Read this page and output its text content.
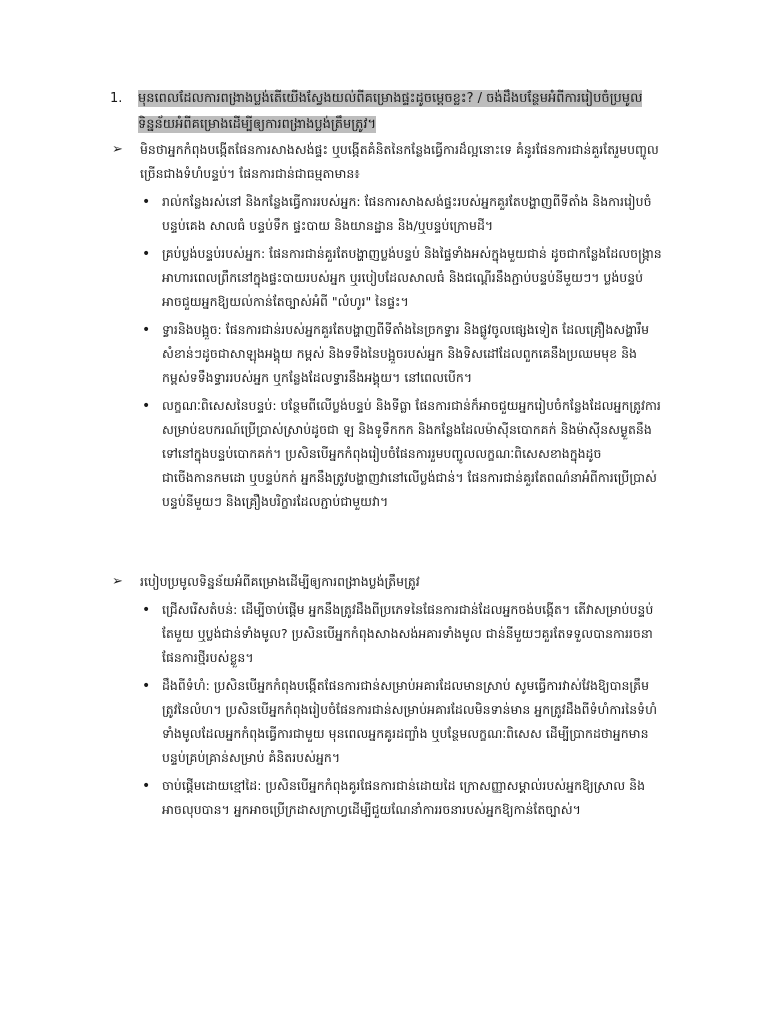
1.	មុនពេលដែលការពង្រាងប្លង់តើយើងស្វែងយល់ពីគម្រោងផ្ទះដូចម្ដេចខ្លះ? / ចង់ដឹងបន្ថែមអំពីការរៀបចំប្រមូលទិន្នន័យអំពីគម្រោងដើម្បីឲ្យការពង្រាងប្លង់ត្រឹមត្រូវ។
➢	មិនថាអ្នកកំពុងបង្កើតផែនការសាងសង់ផ្ទះ ឬបង្កើតគំនិតនៃកន្លែងធ្វើការដ៏ល្អនោះទេ គំនូរផែនការជាន់គួរតែរួមបញ្ចូលច្រើនជាងទំហំបន្ទប់។ ផែនការជាន់ជាធម្មតាមាន៖
• រាល់កន្លែងរស់នៅ និងកន្លែងធ្វើការរបស់អ្នក: ផែនការសាងសង់ផ្ទះរបស់អ្នកគួរតែបង្ហាញពីទីតាំង និងការរៀបចំបន្ទប់គេង សាលធំ បន្ទប់ទឹក ផ្ទះបាយ និងយានដ្ឋាន និង/ឬបន្ទប់ក្រោមដី។
• គ្រប់ប្លង់បន្ទប់របស់អ្នក: ផែនការជាន់គួរតែបង្ហាញប្លង់បន្ទប់ និងផ្ទៃទាំងអស់ក្នុងមួយជាន់ ដូចជាកន្លែងដែលចង្ក្រានអាហារពេលព្រឹកនៅក្នុងផ្ទះបាយរបស់អ្នក ឬរបៀបដែលសាលធំ និងជណ្ដើរនឹងភ្ជាប់បន្ទប់នីមួយៗ។ ប្លង់បន្ទប់អាចជួយអ្នកឱ្យយល់កាន់តែច្បាស់អំពី "លំហូរ" នៃផ្ទះ។
• ទ្វារនិងបង្អួច: ផែនការជាន់របស់អ្នកគួរតែបង្ហាញពីទីតាំងនៃច្រកទ្វារ និងផ្លូវចូលផ្សេងទៀត ដែលគ្រឿងសង្ហារឹមសំខាន់ៗដូចជាសាឡុងអង្គុយ កម្ពស់ និងទទឹងនៃបង្អួចរបស់អ្នក និងទិសដៅដែលពួកគេនឹងប្រឈមមុខ និងកម្ពស់ទទឹងទ្វាររបស់អ្នក ឬកន្លែងដែលទ្វារនឹងអង្គុយ។ នៅពេលបើក។
• លក្ខណៈពិសេសនៃបន្ទប់: បន្ថែមពីលើប្លង់បន្ទប់ និងទីធ្លា ផែនការជាន់ក៏អាចជួយអ្នករៀបចំកន្លែងដែលអ្នកត្រូវការសម្រាប់ឧបករណ៍ប្រើប្រាស់ស្រាប់ដូចជា ឡ និងទូទឹកកក និងកន្លែងដែលម៉ាស៊ីនបោកគក់ និងម៉ាស៊ីនសម្ងួតនឹងទៅនៅក្នុងបន្ទប់បោកគក់។ ប្រសិនបើអ្នកកំពុងរៀបចំផែនការរួមបញ្ចូលលក្ខណៈពិសេសខាងក្នុងដូចជាចើងកានកមដោ ឬបន្ទប់កក់ អ្នកនឹងត្រូវបង្ហាញវានៅលើប្លង់ជាន់។ ផែនការជាន់គួរតែពណ៌នាអំពីការប្រើប្រាស់បន្ទប់នីមួយៗ និងគ្រឿងបរិក្ខារដែលភ្ជាប់ជាមួយវា។
➢	របៀបប្រមូលទិន្នន័យអំពីគម្រោងដើម្បីឲ្យការពង្រាងប្លង់ត្រឹមត្រូវ
• ជ្រើសរើសតំបន់: ដើម្បីចាប់ផ្ដើម អ្នកនឹងត្រូវដឹងពីប្រភេទនៃផែនការជាន់ដែលអ្នកចង់បង្កើត។ តើវាសម្រាប់បន្ទប់តែមួយ ឬប្លង់ជាន់ទាំងមូល? ប្រសិនបើអ្នកកំពុងសាងសង់អគារទាំងមូល ជាន់នីមួយៗគួរតែទទួលបានការរចនាផែនការថ្មីរបស់ខ្លួន។
• ដឹងពីទំហំ: ប្រសិនបើអ្នកកំពុងបង្កើតផែនការជាន់សម្រាប់អគារដែលមានស្រាប់ សូមធ្វើការវាស់វែងឱ្យបានត្រឹមត្រូវនៃលំហ។ ប្រសិនបើអ្នកកំពុងរៀបចំផែនការជាន់សម្រាប់អគារដែលមិនទាន់មាន អ្នកត្រូវដឹងពីទំហំការនៃទំហំទាំងមូលដែលអ្នកកំពុងធ្វើការជាមួយ មុនពេលអ្នកគូរដញ្ចាំង ឬបន្ថែមលក្ខណៈពិសេស ដើម្បីប្រាកដថាអ្នកមានបន្ទប់គ្រប់គ្រាន់សម្រាប់ គំនិតរបស់អ្នក។
• ចាប់ផ្ដើមដោយខ្មៅដៃ: ប្រសិនបើអ្នកកំពុងគូរផែនការជាន់ដោយដៃ ក្រោសញ្ញាសម្គាល់របស់អ្នកឱ្យស្រាល និងអាចលុបបាន។ អ្នកអាចប្រើក្រដាសក្រាហ្វដើម្បីជួយណែនាំការរចនារបស់អ្នកឱ្យកាន់តែច្បាស់។
